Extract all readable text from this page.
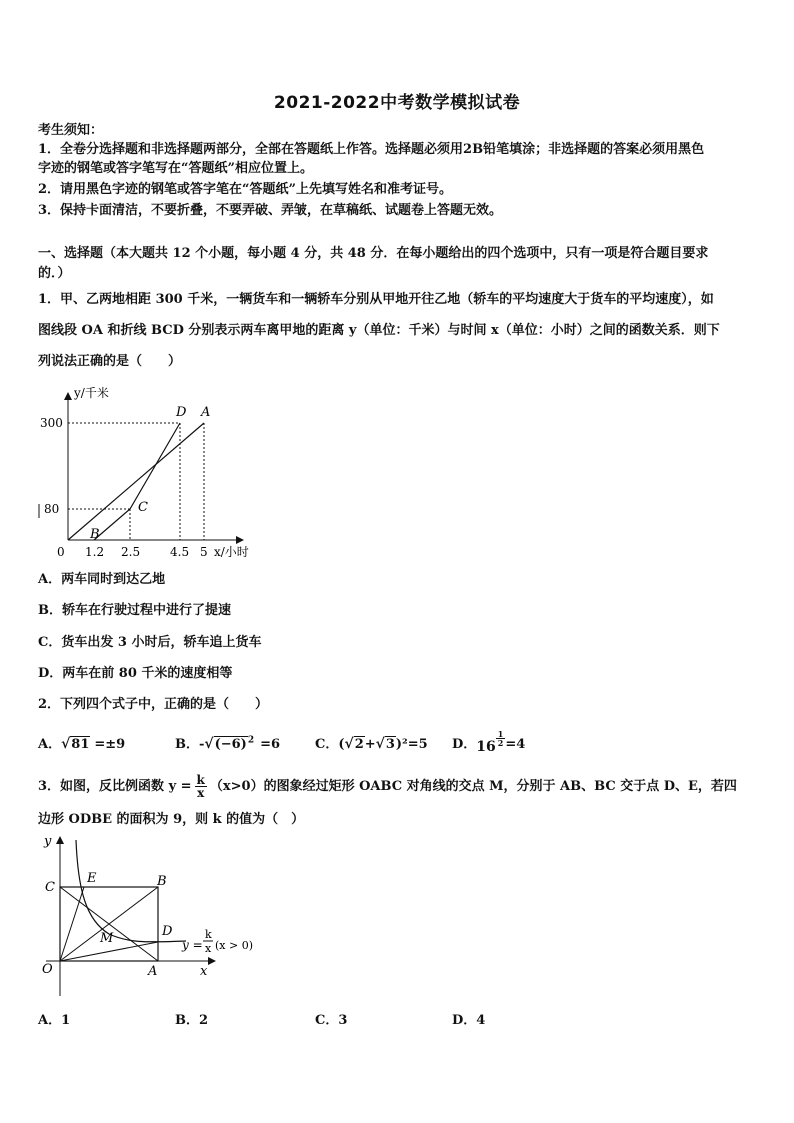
2021-2022中考数学模拟试卷
考生须知：
1．全卷分选择题和非选择题两部分，全部在答题纸上作答。选择题必须用2B铅笔填涂；非选择题的答案必须用黑色
字迹的钢笔或答字笔写在“答题纸”相应位置上。
2．请用黑色字迹的钢笔或答字笔在“答题纸”上先填写姓名和准考证号。
3．保持卡面清洁，不要折叠，不要弄破、弄皱，在草稿纸、试题卷上答题无效。
一、选择题（本大题共 12 个小题，每小题 4 分，共 48 分．在每小题给出的四个选项中，只有一项是符合题目要求
的．）
1．甲、乙两地相距 300 千米，一辆货车和一辆轿车分别从甲地开往乙地（轿车的平均速度大于货车的平均速度），如
图线段 OA 和折线 BCD 分别表示两车离甲地的距离 y（单位：千米）与时间 x（单位：小时）之间的函数关系．则下
列说法正确的是（　　）
y/千米
x/小时
300
80
0 1.2 2.5 4.5 5
D A
C
B
A．两车同时到达乙地
B．轿车在行驶过程中进行了提速
C．货车出发 3 小时后，轿车追上货车
D．两车在前 80 千米的速度相等
2．下列四个式子中，正确的是（　　）
A．√81 =±9	B．$-√(-6)^2 =6$	C．(√2+√3)²=5 D．$16 \frac{1}{2} =4$
3．如图，反比例函数 $y = \frac{k}{x} (x>0)$的图象经过矩形 OABC 对角线的交点 M，分别于 AB、BC 交于点 D、E，若四
边形 ODBE 的面积为 9，则 k 的值为（　）
y
x
O	A
B
C
D
E
M	y =
k
x (x > 0)
A．1	B．2	C．3	D．4
